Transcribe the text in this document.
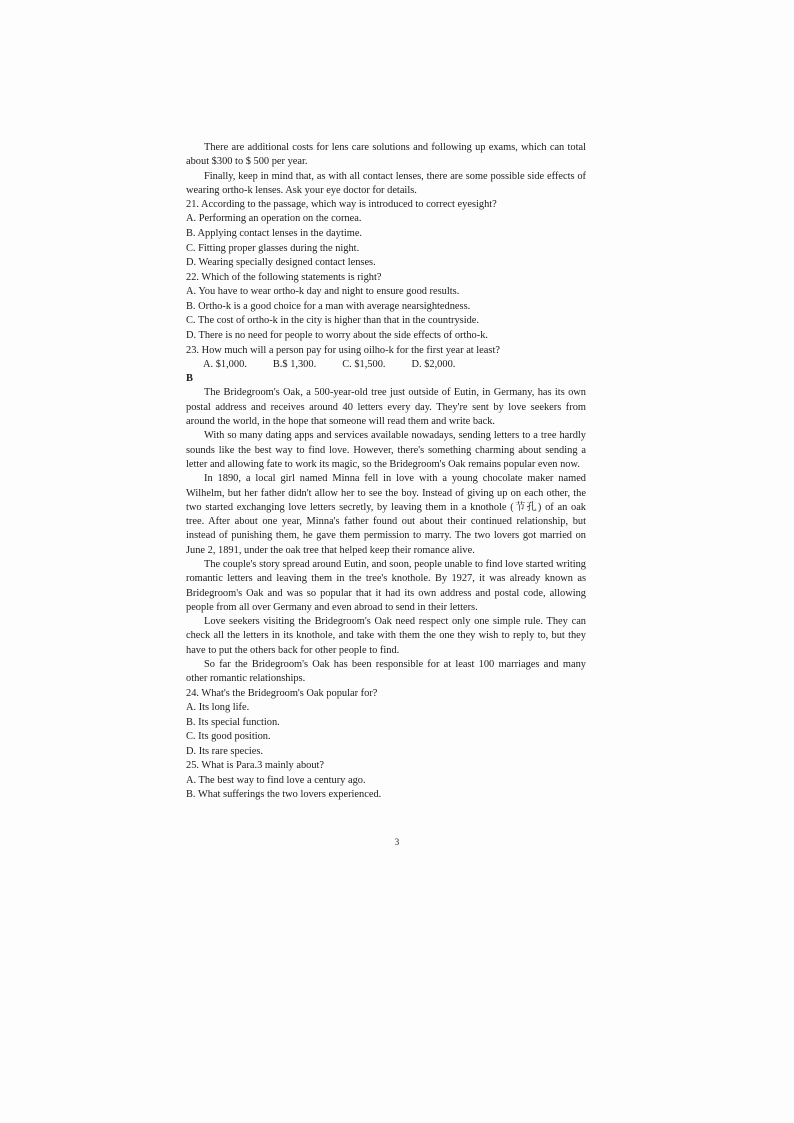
There are additional costs for lens care solutions and following up exams, which can total about $300 to $ 500 per year.

Finally, keep in mind that, as with all contact lenses, there are some possible side effects of wearing ortho-k lenses. Ask your eye doctor for details.

21. According to the passage, which way is introduced to correct eyesight?

A. Performing an operation on the cornea.

B. Applying contact lenses in the daytime.

C. Fitting proper glasses during the night.

D. Wearing specially designed contact lenses.

22. Which of the following statements is right?

A. You have to wear ortho-k day and night to ensure good results.

B. Ortho-k is a good choice for a man with average nearsightedness.

C. The cost of ortho-k in the city is higher than that in the countryside.

D. There is no need for people to worry about the side effects of ortho-k.

23. How much will a person pay for using oilho-k for the first year at least?

A. $1,000.	B.$ 1,300.	C. $1,500.	D. $2,000.

B

The Bridegroom's Oak, a 500-year-old tree just outside of Eutin, in Germany, has its own postal address and receives around 40 letters every day. They're sent by love seekers from around the world, in the hope that someone will read them and write back.

With so many dating apps and services available nowadays, sending letters to a tree hardly sounds like the best way to find love. However, there's something charming about sending a letter and allowing fate to work its magic, so the Bridegroom's Oak remains popular even now.

In 1890, a local girl named Minna fell in love with a young chocolate maker named Wilhelm, but her father didn't allow her to see the boy. Instead of giving up on each other, the two started exchanging love letters secretly, by leaving them in a knothole (节孔) of an oak tree. After about one year, Minna's father found out about their continued relationship, but instead of punishing them, he gave them permission to marry. The two lovers got married on June 2, 1891, under the oak tree that helped keep their romance alive.

The couple's story spread around Eutin, and soon, people unable to find love started writing romantic letters and leaving them in the tree's knothole. By 1927, it was already known as Bridegroom's Oak and was so popular that it had its own address and postal code, allowing people from all over Germany and even abroad to send in their letters.

Love seekers visiting the Bridegroom's Oak need respect only one simple rule. They can check all the letters in its knothole, and take with them the one they wish to reply to, but they have to put the others back for other people to find.

So far the Bridegroom's Oak has been responsible for at least 100 marriages and many other romantic relationships.

24. What's the Bridegroom's Oak popular for?

A. Its long life.

B. Its special function.

C. Its good position.

D. Its rare species.

25. What is Para.3 mainly about?

A. The best way to find love a century ago.

B. What sufferings the two lovers experienced.

3
